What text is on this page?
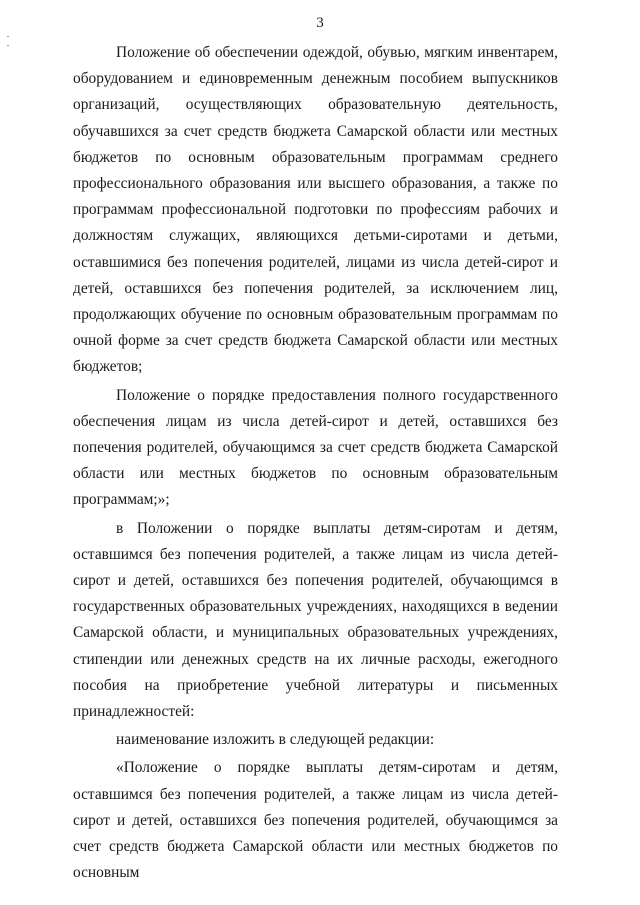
3

Положение об обеспечении одеждой, обувью, мягким инвентарем, оборудованием и единовременным денежным пособием выпускников организаций, осуществляющих образовательную деятельность, обучавшихся за счет средств бюджета Самарской области или местных бюджетов по основным образовательным программам среднего профессионального образования или высшего образования, а также по программам профессиональной подготовки по профессиям рабочих и должностям служащих, являющихся детьми-сиротами и детьми, оставшимися без попечения родителей, лицами из числа детей-сирот и детей, оставшихся без попечения родителей, за исключением лиц, продолжающих обучение по основным образовательным программам по очной форме за счет средств бюджета Самарской области или местных бюджетов;

Положение о порядке предоставления полного государственного обеспечения лицам из числа детей-сирот и детей, оставшихся без попечения родителей, обучающимся за счет средств бюджета Самарской области или местных бюджетов по основным образовательным программам;»;

в Положении о порядке выплаты детям-сиротам и детям, оставшимся без попечения родителей, а также лицам из числа детей-сирот и детей, оставшихся без попечения родителей, обучающимся в государственных образовательных учреждениях, находящихся в ведении Самарской области, и муниципальных образовательных учреждениях, стипендии или денежных средств на их личные расходы, ежегодного пособия на приобретение учебной литературы и письменных принадлежностей:

наименование изложить в следующей редакции:

«Положение о порядке выплаты детям-сиротам и детям, оставшимся без попечения родителей, а также лицам из числа детей-сирот и детей, оставшихся без попечения родителей, обучающимся за счет средств бюджета Самарской области или местных бюджетов по основным
